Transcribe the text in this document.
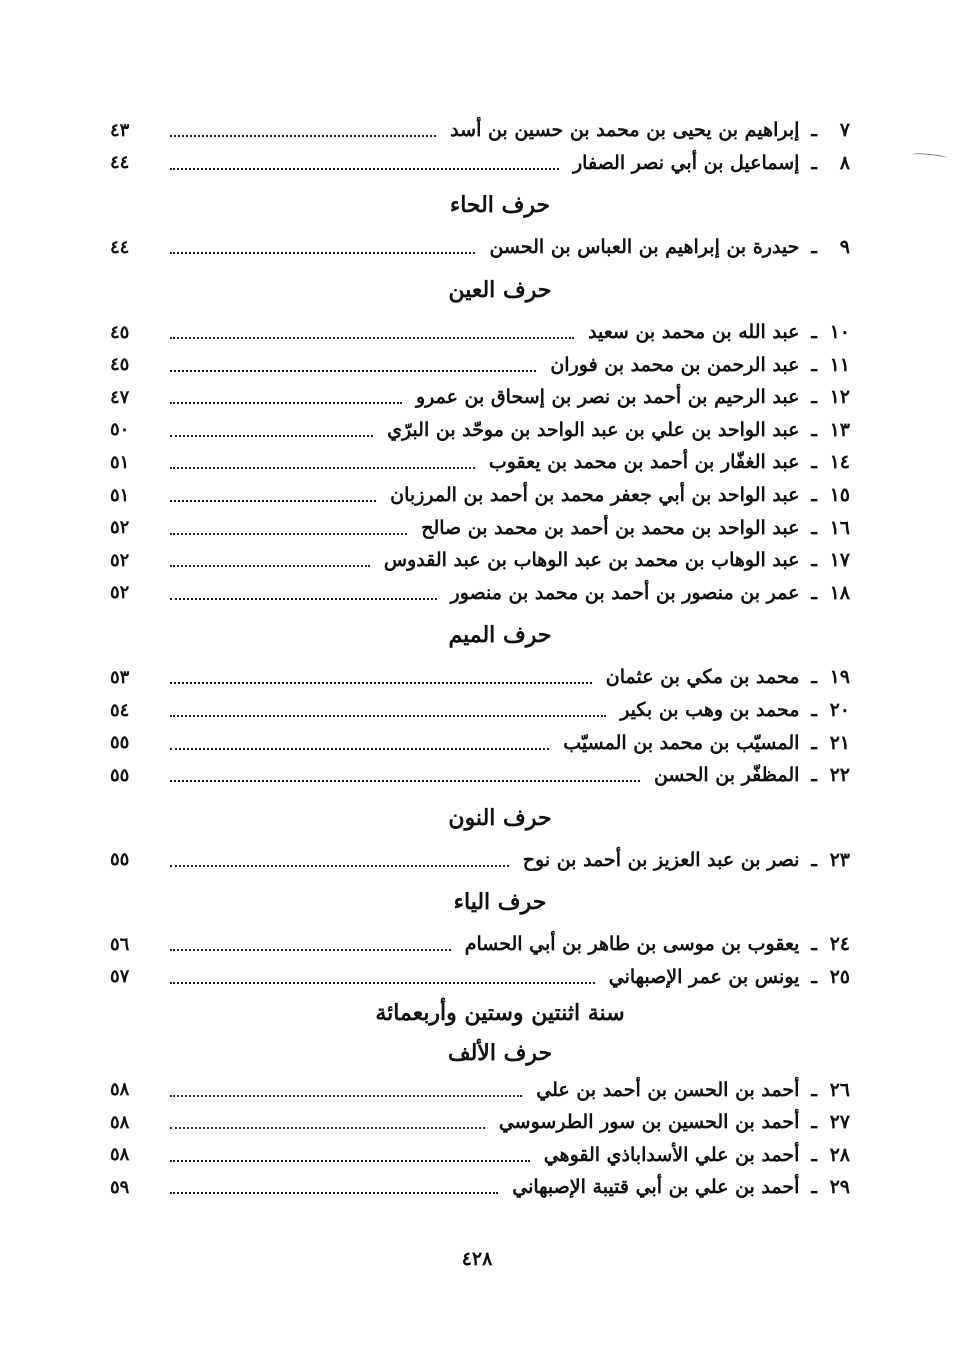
٧
ـ
إبراهيم بن يحيى بن محمد بن حسين بن أسد
٤٣
٨
ـ
إسماعيل بن أبي نصر الصفار
٤٤
حرف الحاء
٩
ـ
حيدرة بن إبراهيم بن العباس بن الحسن
٤٤
حرف العين
١٠
ـ
عبد الله بن محمد بن سعيد
٤٥
١١
ـ
عبد الرحمن بن محمد بن فوران
٤٥
١٢
ـ
عبد الرحيم بن أحمد بن نصر بن إسحاق بن عمرو
٤٧
١٣
ـ
عبد الواحد بن علي بن عبد الواحد بن موحّد بن البرّي
٥٠
١٤
ـ
عبد الغفّار بن أحمد بن محمد بن يعقوب
٥١
١٥
ـ
عبد الواحد بن أبي جعفر محمد بن أحمد بن المرزبان
٥١
١٦
ـ
عبد الواحد بن محمد بن أحمد بن محمد بن صالح
٥٢
١٧
ـ
عبد الوهاب بن محمد بن عبد الوهاب بن عبد القدوس
٥٢
١٨
ـ
عمر بن منصور بن أحمد بن محمد بن منصور
٥٢
حرف الميم
١٩
ـ
محمد بن مكي بن عثمان
٥٣
٢٠
ـ
محمد بن وهب بن بكير
٥٤
٢١
ـ
المسيّب بن محمد بن المسيّب
٥٥
٢٢
ـ
المظفّر بن الحسن
٥٥
حرف النون
٢٣
ـ
نصر بن عبد العزيز بن أحمد بن نوح
٥٥
حرف الياء
٢٤
ـ
يعقوب بن موسى بن طاهر بن أبي الحسام
٥٦
٢٥
ـ
يونس بن عمر الإصبهاني
٥٧
سنة اثنتين وستين وأربعمائة
حرف الألف
٢٦
ـ
أحمد بن الحسن بن أحمد بن علي
٥٨
٢٧
ـ
أحمد بن الحسين بن سور الطرسوسي
٥٨
٢٨
ـ
أحمد بن علي الأسداباذي القوهي
٥٨
٢٩
ـ
أحمد بن علي بن أبي قتيبة الإصبهاني
٥٩
٤٢٨
